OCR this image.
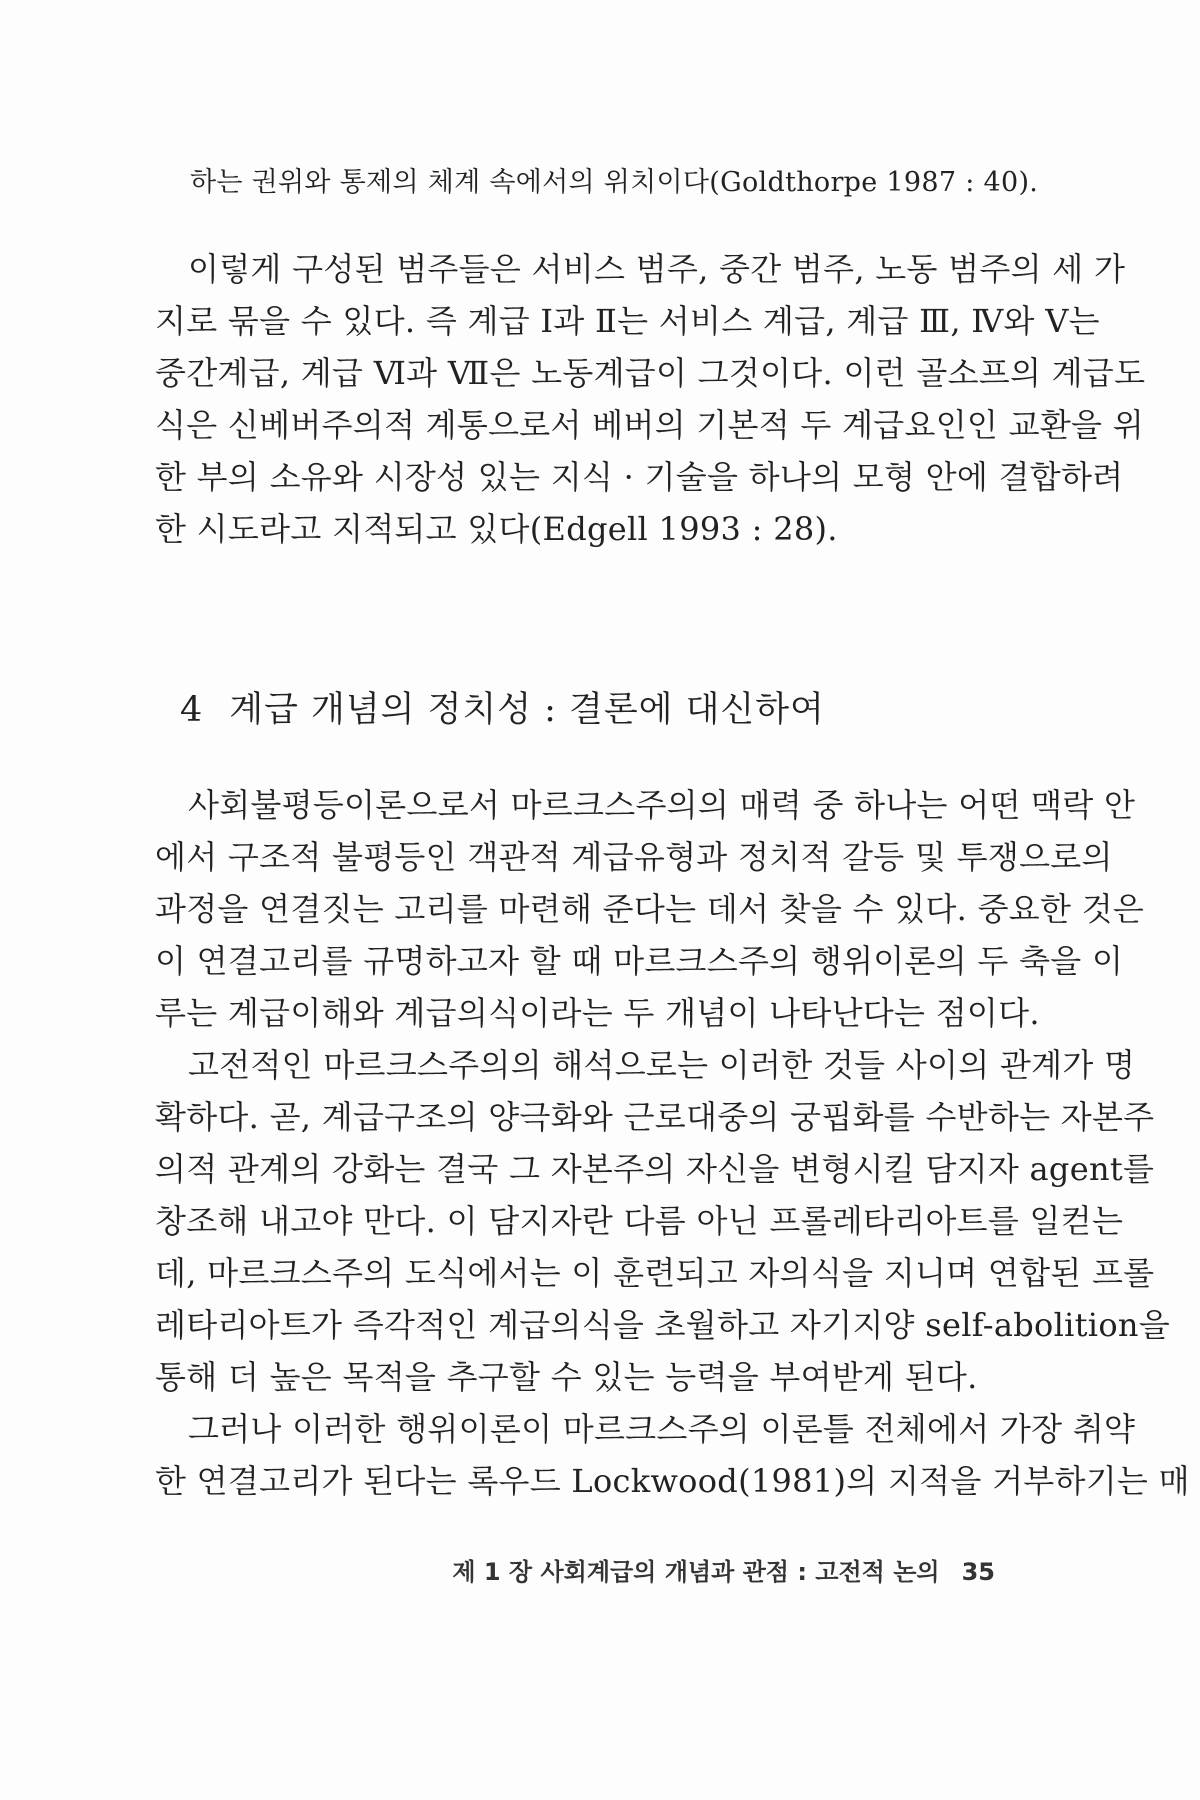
하는 권위와 통제의 체계 속에서의 위치이다(Goldthorpe 1987 : 40).
이렇게 구성된 범주들은 서비스 범주, 중간 범주, 노동 범주의 세 가
지로 묶을 수 있다. 즉 계급 Ⅰ과 Ⅱ는 서비스 계급, 계급 Ⅲ, Ⅳ와 Ⅴ는
중간계급, 계급 Ⅵ과 Ⅶ은 노동계급이 그것이다. 이런 골소프의 계급도
식은 신베버주의적 계통으로서 베버의 기본적 두 계급요인인 교환을 위
한 부의 소유와 시장성 있는 지식 · 기술을 하나의 모형 안에 결합하려
한 시도라고 지적되고 있다(Edgell 1993 : 28).
4 계급 개념의 정치성 : 결론에 대신하여
사회불평등이론으로서 마르크스주의의 매력 중 하나는 어떤 맥락 안
에서 구조적 불평등인 객관적 계급유형과 정치적 갈등 및 투쟁으로의
과정을 연결짓는 고리를 마련해 준다는 데서 찾을 수 있다. 중요한 것은
이 연결고리를 규명하고자 할 때 마르크스주의 행위이론의 두 축을 이
루는 계급이해와 계급의식이라는 두 개념이 나타난다는 점이다.
고전적인 마르크스주의의 해석으로는 이러한 것들 사이의 관계가 명
확하다. 곧, 계급구조의 양극화와 근로대중의 궁핍화를 수반하는 자본주
의적 관계의 강화는 결국 그 자본주의 자신을 변형시킬 담지자 agent를
창조해 내고야 만다. 이 담지자란 다름 아닌 프롤레타리아트를 일컫는
데, 마르크스주의 도식에서는 이 훈련되고 자의식을 지니며 연합된 프롤
레타리아트가 즉각적인 계급의식을 초월하고 자기지양 self-abolition을
통해 더 높은 목적을 추구할 수 있는 능력을 부여받게 된다.
그러나 이러한 행위이론이 마르크스주의 이론틀 전체에서 가장 취약
한 연결고리가 된다는 록우드 Lockwood(1981)의 지적을 거부하기는 매
제 1 장 사회계급의 개념과 관점 : 고전적 논의 35
